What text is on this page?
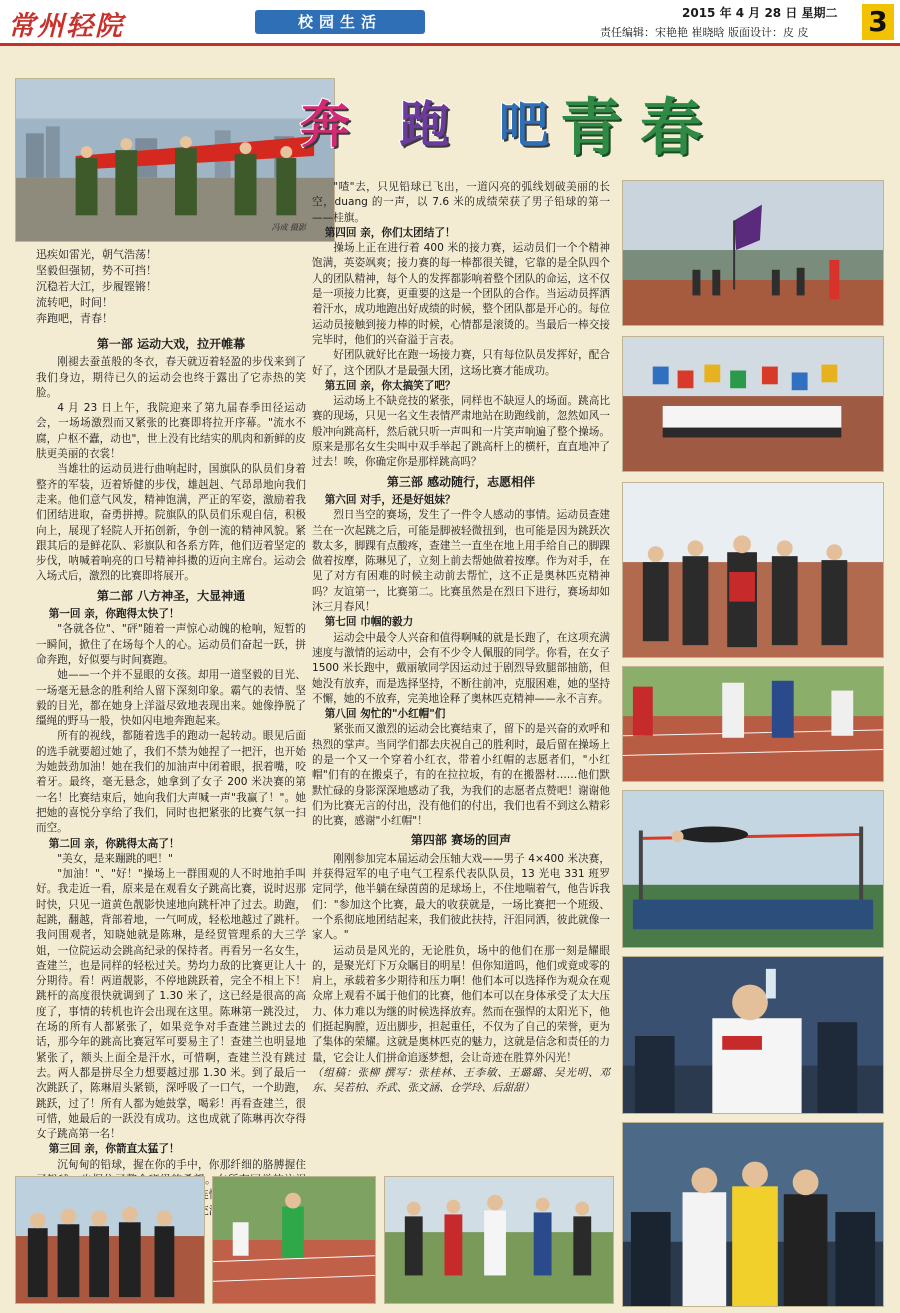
常州轻院	校园生活	2015 年 4 月 28 日 星期二
责任编辑：宋艳艳 崔晓晗 版面设计：皮 皮 3
冯成 摄影
奔 跑 吧
青春
迅疾如雷光，朝气浩荡！
坚毅但强韧，势不可挡！
沉稳若大江，步履铿锵！
流转吧，时间！
奔跑吧，青春！
第一部 运动大戏，拉开帷幕

刚褪去蚕茧般的冬衣，春天就迈着轻盈的步伐来到了我们身边，期待已久的运动会也终于露出了它赤热的笑脸。

4 月 23 日上午，我院迎来了第九届春季田径运动会，一场场激烈而又紧张的比赛即将拉开序幕。"流水不腐，户枢不蠹，动也"，世上没有比结实的肌肉和新鲜的皮肤更美丽的衣裳！

当雄壮的运动员进行曲响起时，国旗队的队员们身着整齐的军装，迈着矫健的步伐，雄赳赳、气昂昂地向我们走来。他们意气风发，精神饱满，严正的军姿，激励着我们团结进取，奋勇拼搏。院旗队的队员们乐观自信，积极向上，展现了轻院人开拓创新，争创一流的精神风貌。紧跟其后的是鲜花队、彩旗队和各系方阵，他们迈着坚定的步伐，呐喊着响亮的口号精神抖擞的迈向主席台。运动会入场式后，激烈的比赛即将展开。

第二部 八方神圣，大显神通

第一回 亲，你跑得太快了！

"各就各位"、"砰"随着一声惊心动魄的枪响，短暂的一瞬间，掀住了在场每个人的心。运动员们奋起一跃，拼命奔跑，好似要与时间赛跑。

她——一个并不显眼的女孩。却用一道坚毅的目光、一场毫无悬念的胜利给人留下深刻印象。霸气的表情、坚毅的目光，都在她身上洋溢尽致地表现出来。她像挣脱了缰绳的野马一般，快如闪电地奔跑起来。

所有的视线，都随着选手的跑动一起转动。眼见后面的选手就要超过她了，我们不禁为她捏了一把汗，也开始为她鼓劲加油！她在我们的加油声中闭着眼，抿着嘴，咬着牙。最终，毫无悬念，她拿到了女子 200 米决赛的第一名！比赛结束后，她向我们大声喊一声"我赢了！"。她把她的喜悦分享给了我们，同时也把紧张的比赛气氛一扫而空。

第二回 亲，你跳得太高了！

"美女，是来蹦跳的吧！"

"加油！"、"好！"操场上一群围观的人不时地拍手叫好。我走近一看，原来是在观看女子跳高比赛，说时迟那时快，只见一道黄色靓影快速地向跳杆冲了过去。助跑，起跳，翻越，背部着地，一气呵成，轻松地越过了跳杆。我问围观者，知晓她就是陈琳，是经贸管理系的大三学姐，一位院运动会跳高纪录的保持者。再看另一名女生，查建兰，也是同样的轻松过关。势均力敌的比赛更让人十分期待。看！两道靓影，不停地跳跃着，完全不相上下！跳杆的高度很快就调到了 1.30 米了，这已经是很高的高度了，事情的转机也许会出现在这里。陈琳第一跳没过，在场的所有人都紧张了，如果竞争对手查建兰跳过去的话，那今年的跳高比赛冠军可要易主了！查建兰也明显地紧张了，额头上面全是汗水，可惜啊，查建兰没有跳过去。两人都是拼尽全力想要越过那 1.30 米。到了最后一次跳跃了，陈琳眉头紧锁，深呼吸了一口气，一个助跑，跳跃，过了！所有人都为她鼓掌，喝彩！再看查建兰，很可惜，她最后的一跃没有成功。这也成就了陈琳再次夺得女子跳高第一名！

第三回 亲，你箭直太猛了！

沉甸甸的铅球，握在你的手中，你那纤细的胳膊握住 望。 连惯 充满

"喳"去，只见铅球已飞出，一道闪亮的弧线划破美丽的长空，duang 的一声，以 7.6 米的成绩荣获了男子铅球的第一——桂旗。

第四回 亲，你们太团结了！

操场上正在进行着 400 米的接力赛，运动员们一个个精神饱满，英姿飒爽；接力赛的每一棒都很关键，它靠的是全队四个人的团队精神，每个人的发挥都影响着整个团队的命运，这不仅是一项接力比赛，更重要的这是一个团队的合作。当运动员挥洒着汗水，成功地跑出好成绩的时候，整个团队都是开心的。每位运动员接触到接力棒的时候，心情都是滚烫的。当最后一棒交接完毕时，他们的兴奋溢于言表。

好团队就好比在跑一场接力赛，只有每位队员发挥好，配合好了，这个团队才是最强大团，这场比赛才能成功。

第五回 亲，你太搞笑了吧？

运动场上不缺竞技的紧张，同样也不缺逗人的场面。跳高比赛的现场，只见一名文生表情严肃地站在助跑线前，忽然如风一般冲向跳高杆，然后就只听一声叫和一片笑声响遍了整个操场。原来是那名女生尖叫中双手举起了跳高杆上的横杆，直直地冲了过去！唉，你确定你是那样跳高吗？

第三部 感动随行，志愿相伴

第六回 对手，还是好姐妹？

烈日当空的赛场，发生了一件令人感动的事情。运动员查建兰在一次起跳之后，可能是脚被轻微扭到，也可能是因为跳跃次数太多，脚踝有点酸疼，查建兰一直坐在地上用手给自己的脚踝做着按摩，陈琳见了，立刻上前去帮她做着按摩。作为对手，在见了对方有困难的时候主动前去帮忙，这不正是奥林匹克精神吗？友谊第一，比赛第二。比赛虽然是在烈日下进行，赛场却如沐三月春风！

第七回 巾帼的毅力

运动会中最令人兴奋和值得啊喊的就是长跑了，在这项充满速度与激情的运动中，会有不少令人佩服的同学。你看，在女子 1500 米长跑中，戴丽敏同学因运动过于剧烈导致腿部抽筋，但她没有放弃，而是选择坚持，不断往前冲，克服困难，她的坚持不懈，她的不放弃，完美地诠释了奥林匹克精神——永不言弃。

第八回 匆忙的"小红帽"们

紧张而又激烈的运动会比赛结束了，留下的是兴奋的欢呼和热烈的掌声。当同学们都去庆祝自己的胜利时，最后留在操场上的是一个又一个穿着小红衣，带着小红帽的志愿者们，"小红帽"们有的在搬桌子，有的在拉拉坂，有的在搬器材……他们默默忙碌的身影深深地感动了我，为我们的志愿者点赞吧！谢谢他们为比赛无言的付出，没有他们的付出，我们也看不到这么精彩的比赛，感谢"小红帽"！

第四部 赛场的回声

刚刚参加完本届运动会压轴大戏——男子 4×400 米决赛，并获得冠军的电子电气工程系代表队队员，13 光电 331 班罗定同学，他半躺在绿茵茵的足球场上，不住地喘着气，他告诉我们："参加这个比赛，最大的收获就是，一场比赛把一个班级、一个系彻底地团结起来，我们彼此扶持，汗泪同洒，彼此就像一家人。"

运动员是风光的，无论胜负，场中的他们在那一刻是耀眼的，是聚光灯下万众瞩目的明星！但你知道吗，他们或竟或零的肩上，承载着多少期待和压力啊！他们本可以选择作为观众在观众席上观看不属于他们的比赛，他们本可以在身体承受了太大压力、体力难以为继的时候选择放弃。然而在强悍的太阳光下，他们挺起胸膛，迈出脚步，担起重任，不仅为了自己的荣誉，更为了集体的荣耀。这就是奥林匹克的魅力，这就是信念和责任的力量，它会让人们拼命追逐梦想，会让奇迹在胜算外闪光！

（组稿：张柳 撰写：张桂林、王李敏、王璐璐、吴光明、邓东、吴若柏、乔武、张文涵、仓学玲、后甜甜）
